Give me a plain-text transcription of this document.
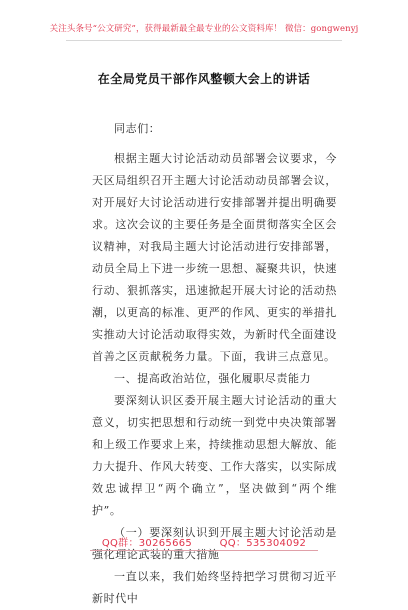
关注头条号“公文研究”，获得最新最全最专业的公文资料库！ 微信：gongwenyj
在全局党员干部作风整顿大会上的讲话

同志们：

根据主题大讨论活动动员部署会议要求，今天区局组织召开主题大讨论活动动员部署会议，对开展好大讨论活动进行安排部署并提出明确要求。这次会议的主要任务是全面贯彻落实全区会议精神，对我局主题大讨论活动进行安排部署，动员全局上下进一步统一思想、凝聚共识，快速行动、狠抓落实，迅速掀起开展大讨论的活动热潮，以更高的标准、更严的作风、更实的举措扎实推动大讨论活动取得实效，为新时代全面建设首善之区贡献税务力量。下面，我讲三点意见。

一、提高政治站位，强化履职尽责能力

要深刻认识区委开展主题大讨论活动的重大意义，切实把思想和行动统一到党中央决策部署和上级工作要求上来，持续推动思想大解放、能力大提升、作风大转变、工作大落实，以实际成效忠诚捍卫“两个确立”，坚决做到“两个维护”。

（一）要深刻认识到开展主题大讨论活动是强化理论武装的重大措施

一直以来，我们始终坚持把学习贯彻习近平新时代中

QQ群：30265665	QQ：535304092
